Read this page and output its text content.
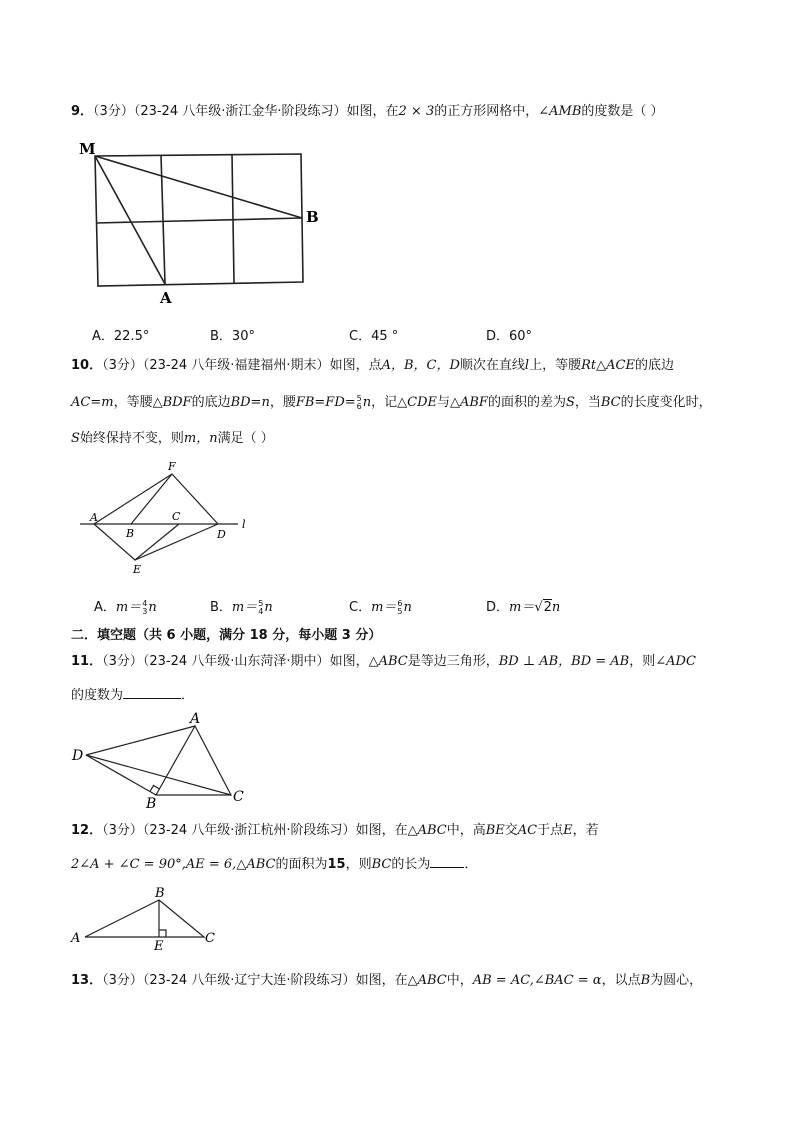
9．（3分）（23-24 八年级·浙江金华·阶段练习）如图，在2 × 3的正方形网格中，∠AMB的度数是（ ）
M
B
A
A．22.5°	B．30°	C．45 °	D．60°
10．（3分）（23-24 八年级·福建福州·期末）如图，点A，B，C，D顺次在直线l上，等腰Rt△ACE的底边
AC=m，等腰△BDF的底边BD=n，腰FB=FD= 5
6 n，记△CDE与△ABF的面积的差为S，当BC的长度变化时，
S始终保持不变，则m，n满足（ ）
F
A	C
l
B	D
E
A．m＝ 4
3 n	B．m＝ 5
4 n	C．m＝ 6
5 n	D．m＝√2n
二．填空题（共 6 小题，满分 18 分，每小题 3 分）
11．（3分）（23-24 八年级·山东菏泽·期中）如图，△ABC是等边三角形，BD ⊥ AB，BD = AB，则∠ADC
的度数为	．
A
D
B	C
12．（3分）（23-24 八年级·浙江杭州·阶段练习）如图，在△ABC中，高BE交AC于点E，若
2∠A + ∠C = 90°,AE = 6,△ABC的面积为15，则BC的长为	．
B
A
E
C
13．（3分）（23-24 八年级·辽宁大连·阶段练习）如图，在△ABC中，AB = AC,∠BAC = α，以点B为圆心，
